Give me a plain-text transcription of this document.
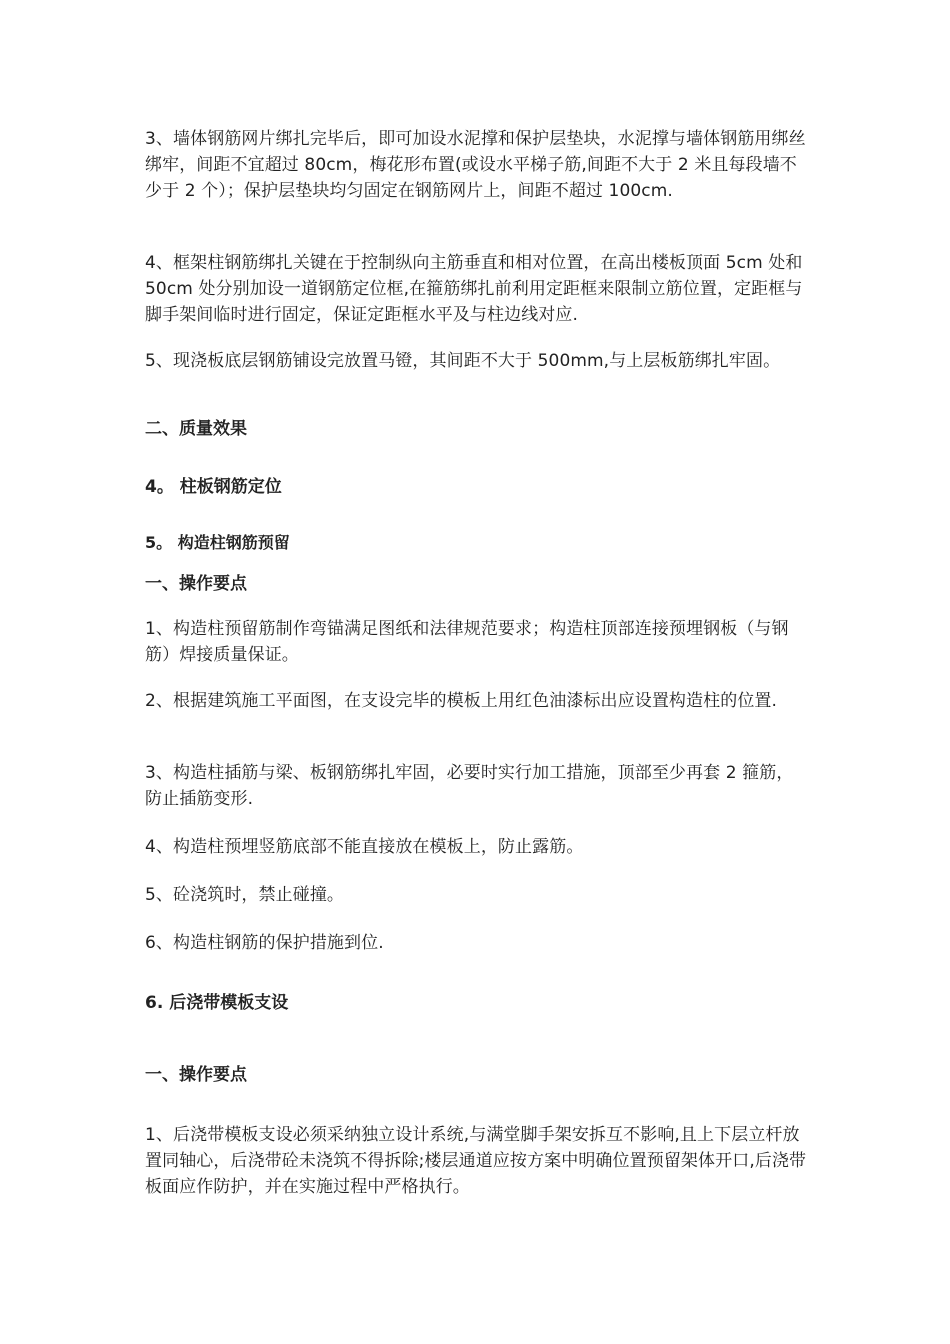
3、墙体钢筋网片绑扎完毕后，即可加设水泥撑和保护层垫块，水泥撑与墙体钢筋用绑丝绑牢，间距不宜超过 80cm，梅花形布置(或设水平梯子筋,间距不大于 2 米且每段墙不少于 2 个）；保护层垫块均匀固定在钢筋网片上，间距不超过 100cm.

4、框架柱钢筋绑扎关键在于控制纵向主筋垂直和相对位置，在高出楼板顶面 5cm 处和 50cm 处分别加设一道钢筋定位框,在箍筋绑扎前利用定距框来限制立筋位置，定距框与脚手架间临时进行固定，保证定距框水平及与柱边线对应.

5、现浇板底层钢筋铺设完放置马镫，其间距不大于 500mm,与上层板筋绑扎牢固。

二、质量效果

4。 柱板钢筋定位

5。 构造柱钢筋预留

一、操作要点

1、构造柱预留筋制作弯锚满足图纸和法律规范要求；构造柱顶部连接预埋钢板（与钢筋）焊接质量保证。

2、根据建筑施工平面图，在支设完毕的模板上用红色油漆标出应设置构造柱的位置.

3、构造柱插筋与梁、板钢筋绑扎牢固，必要时实行加工措施，顶部至少再套 2 箍筋，防止插筋变形.

4、构造柱预埋竖筋底部不能直接放在模板上，防止露筋。

5、砼浇筑时，禁止碰撞。

6、构造柱钢筋的保护措施到位.

6. 后浇带模板支设

一、操作要点

1、后浇带模板支设必须采纳独立设计系统,与满堂脚手架安拆互不影响,且上下层立杆放置同轴心，后浇带砼未浇筑不得拆除;楼层通道应按方案中明确位置预留架体开口,后浇带板面应作防护，并在实施过程中严格执行。
